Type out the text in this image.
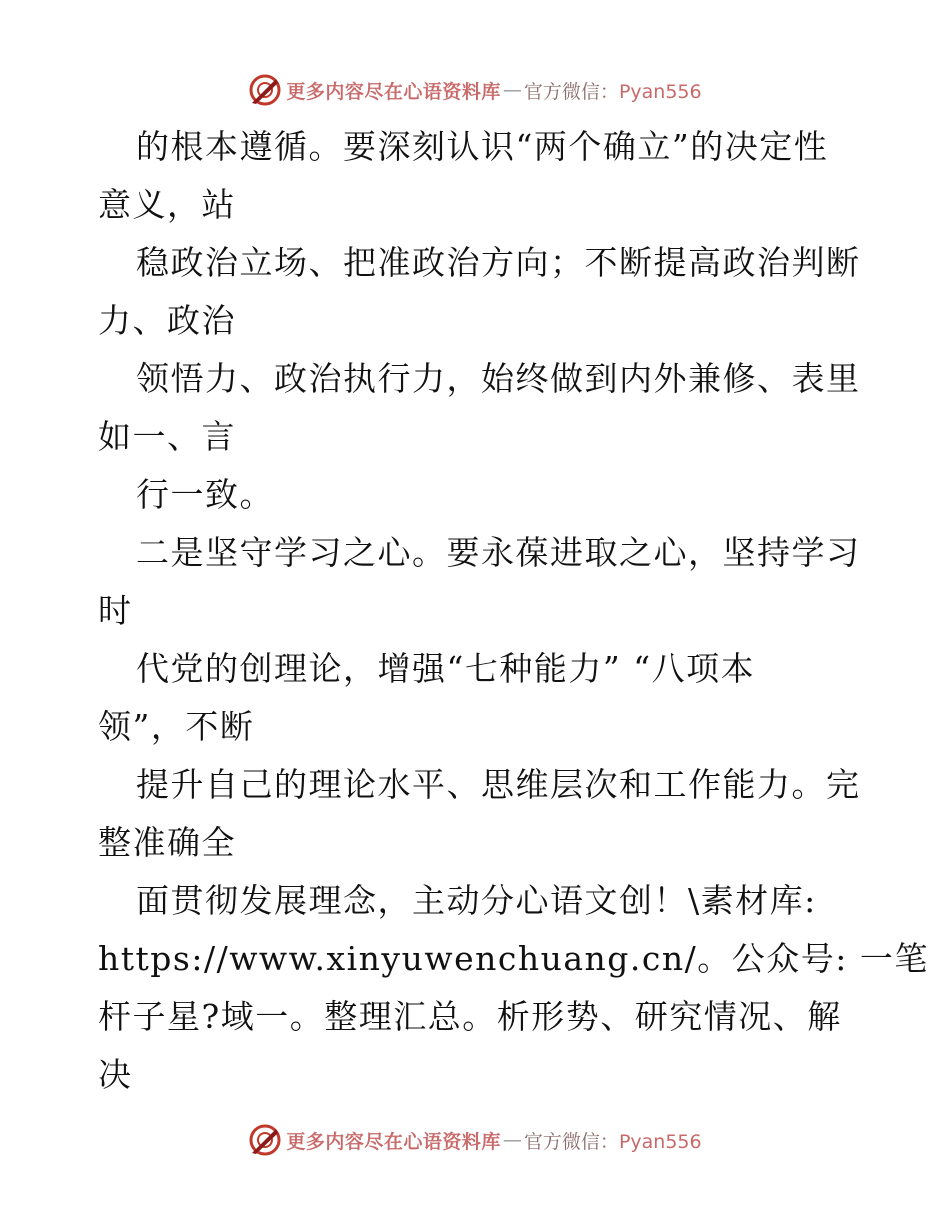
更多内容尽在心语资料库 — 官方微信：Pyan556
的根本遵循。要深刻认识“两个确立”的决定性
意义，站
稳政治立场、把准政治方向；不断提高政治判断
力、政治
领悟力、政治执行力，始终做到内外兼修、表里
如一、言
行一致。
二是坚守学习之心。要永葆进取之心，坚持学习
时
代党的创理论，增强“七种能力” “八项本
领”，不断
提升自己的理论水平、思维层次和工作能力。完
整准确全
面贯彻发展理念，主动分心语文创！\素材库:
https://www.xinyuwenchuang.cn/。公众号: 一笔
杆子星?域一。整理汇总。析形势、研究情况、解
决
更多内容尽在心语资料库 — 官方微信：Pyan556
